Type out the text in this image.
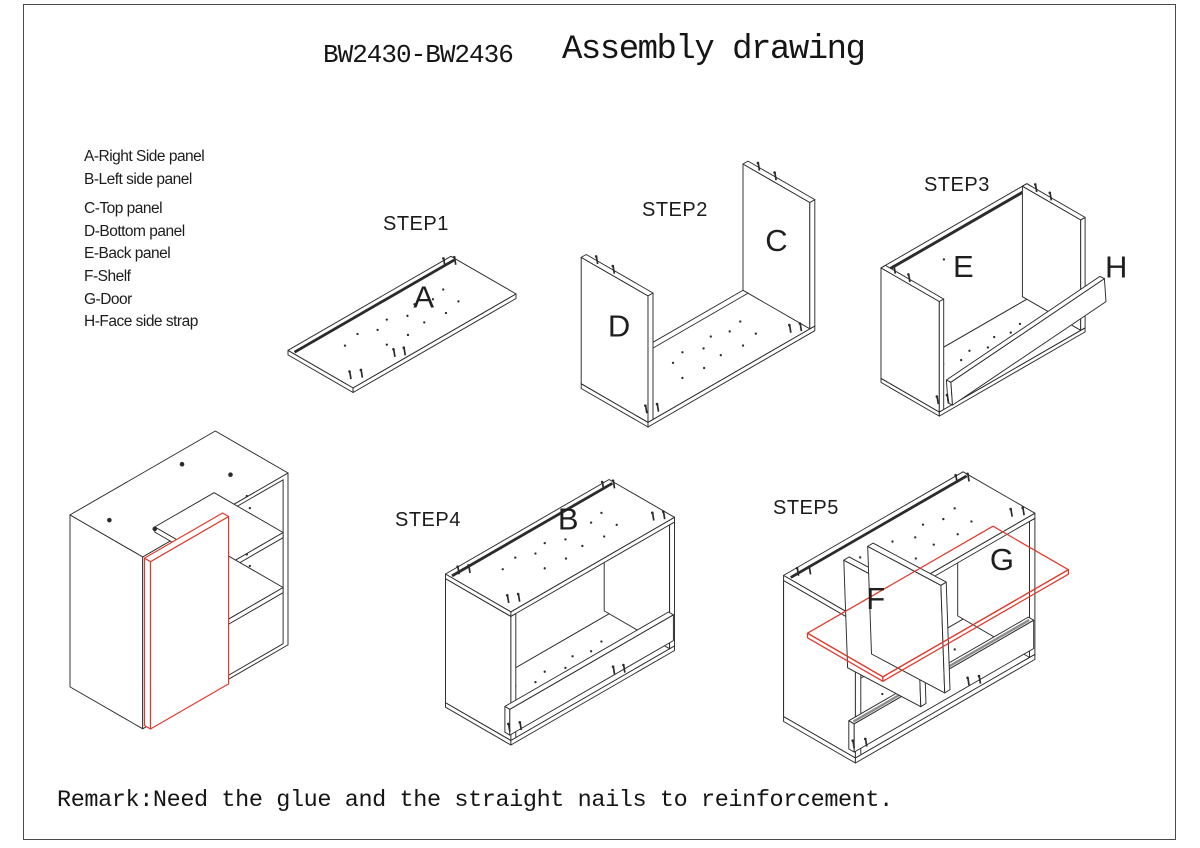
BW2430-BW2436 Assembly drawing
A-Right Side panel
B-Left side panel
C-Top panel
D-Bottom panel
E-Back panel
F-Shelf
G-Door
H-Face side strap
STEP1
STEP2
STEP3
STEP4
STEP5
A
D
C
E	H
B
F
G
Remark:Need the glue and the straight nails to reinforcement.
